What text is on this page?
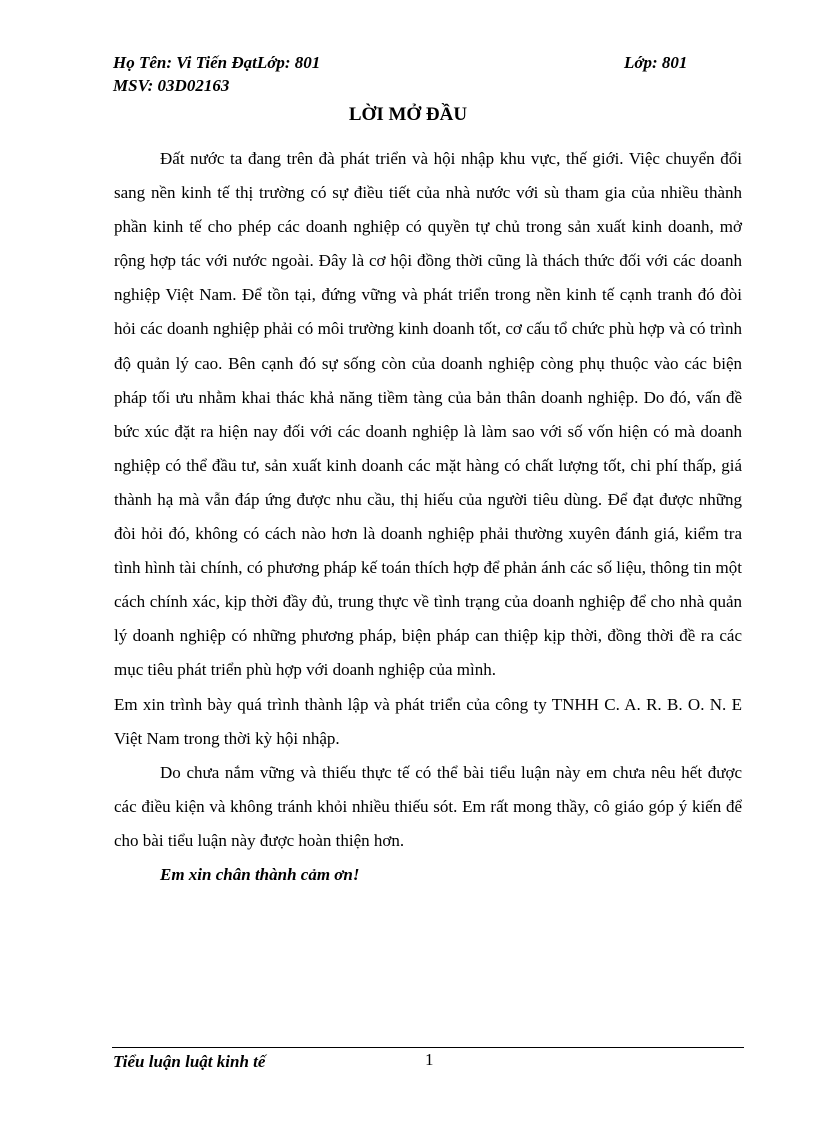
Họ Tên: Vi Tiến ĐạtLớp: 801	Lớp: 801
MSV: 03D02163
LỜI MỞ ĐẦU

Đất nước ta đang trên đà phát triển và hội nhập khu vực, thế giới. Việc chuyển đổi sang nền kinh tế thị trường có sự điều tiết của nhà nước với sù tham gia của nhiều thành phần kinh tế cho phép các doanh nghiệp có quyền tự chủ trong sản xuất kinh doanh, mở rộng hợp tác với nước ngoài. Đây là cơ hội đồng thời cũng là thách thức đối với các doanh nghiệp Việt Nam. Để tồn tại, đứng vững và phát triển trong nền kinh tế cạnh tranh đó đòi hỏi các doanh nghiệp phải có môi trường kinh doanh tốt, cơ cấu tổ chức phù hợp và có trình độ quản lý cao. Bên cạnh đó sự sống còn của doanh nghiệp còng phụ thuộc vào các biện pháp tối ưu nhằm khai thác khả năng tiềm tàng của bản thân doanh nghiệp. Do đó, vấn đề bức xúc đặt ra hiện nay đối với các doanh nghiệp là làm sao với số vốn hiện có mà doanh nghiệp có thể đầu tư, sản xuất kinh doanh các mặt hàng có chất lượng tốt, chi phí thấp, giá thành hạ mà vẫn đáp ứng được nhu cầu, thị hiếu của người tiêu dùng. Để đạt được những đòi hỏi đó, không có cách nào hơn là doanh nghiệp phải thường xuyên đánh giá, kiểm tra tình hình tài chính, có phương pháp kế toán thích hợp để phản ánh các số liệu, thông tin một cách chính xác, kịp thời đầy đủ, trung thực về tình trạng của doanh nghiệp để cho nhà quản lý doanh nghiệp có những phương pháp, biện pháp can thiệp kịp thời, đồng thời đề ra các mục tiêu phát triển phù hợp với doanh nghiệp của mình.

Em xin trình bày quá trình thành lập và phát triển của công ty TNHH C. A. R. B. O. N. E Việt Nam trong thời kỳ hội nhập.

Do chưa nắm vững và thiếu thực tế có thể bài tiểu luận này em chưa nêu hết được các điều kiện và không tránh khỏi nhiều thiếu sót. Em rất mong thầy, cô giáo góp ý kiến để cho bài tiểu luận này được hoàn thiện hơn.

Em xin chân thành cảm ơn!

Tiểu luận luật kinh tế	1
